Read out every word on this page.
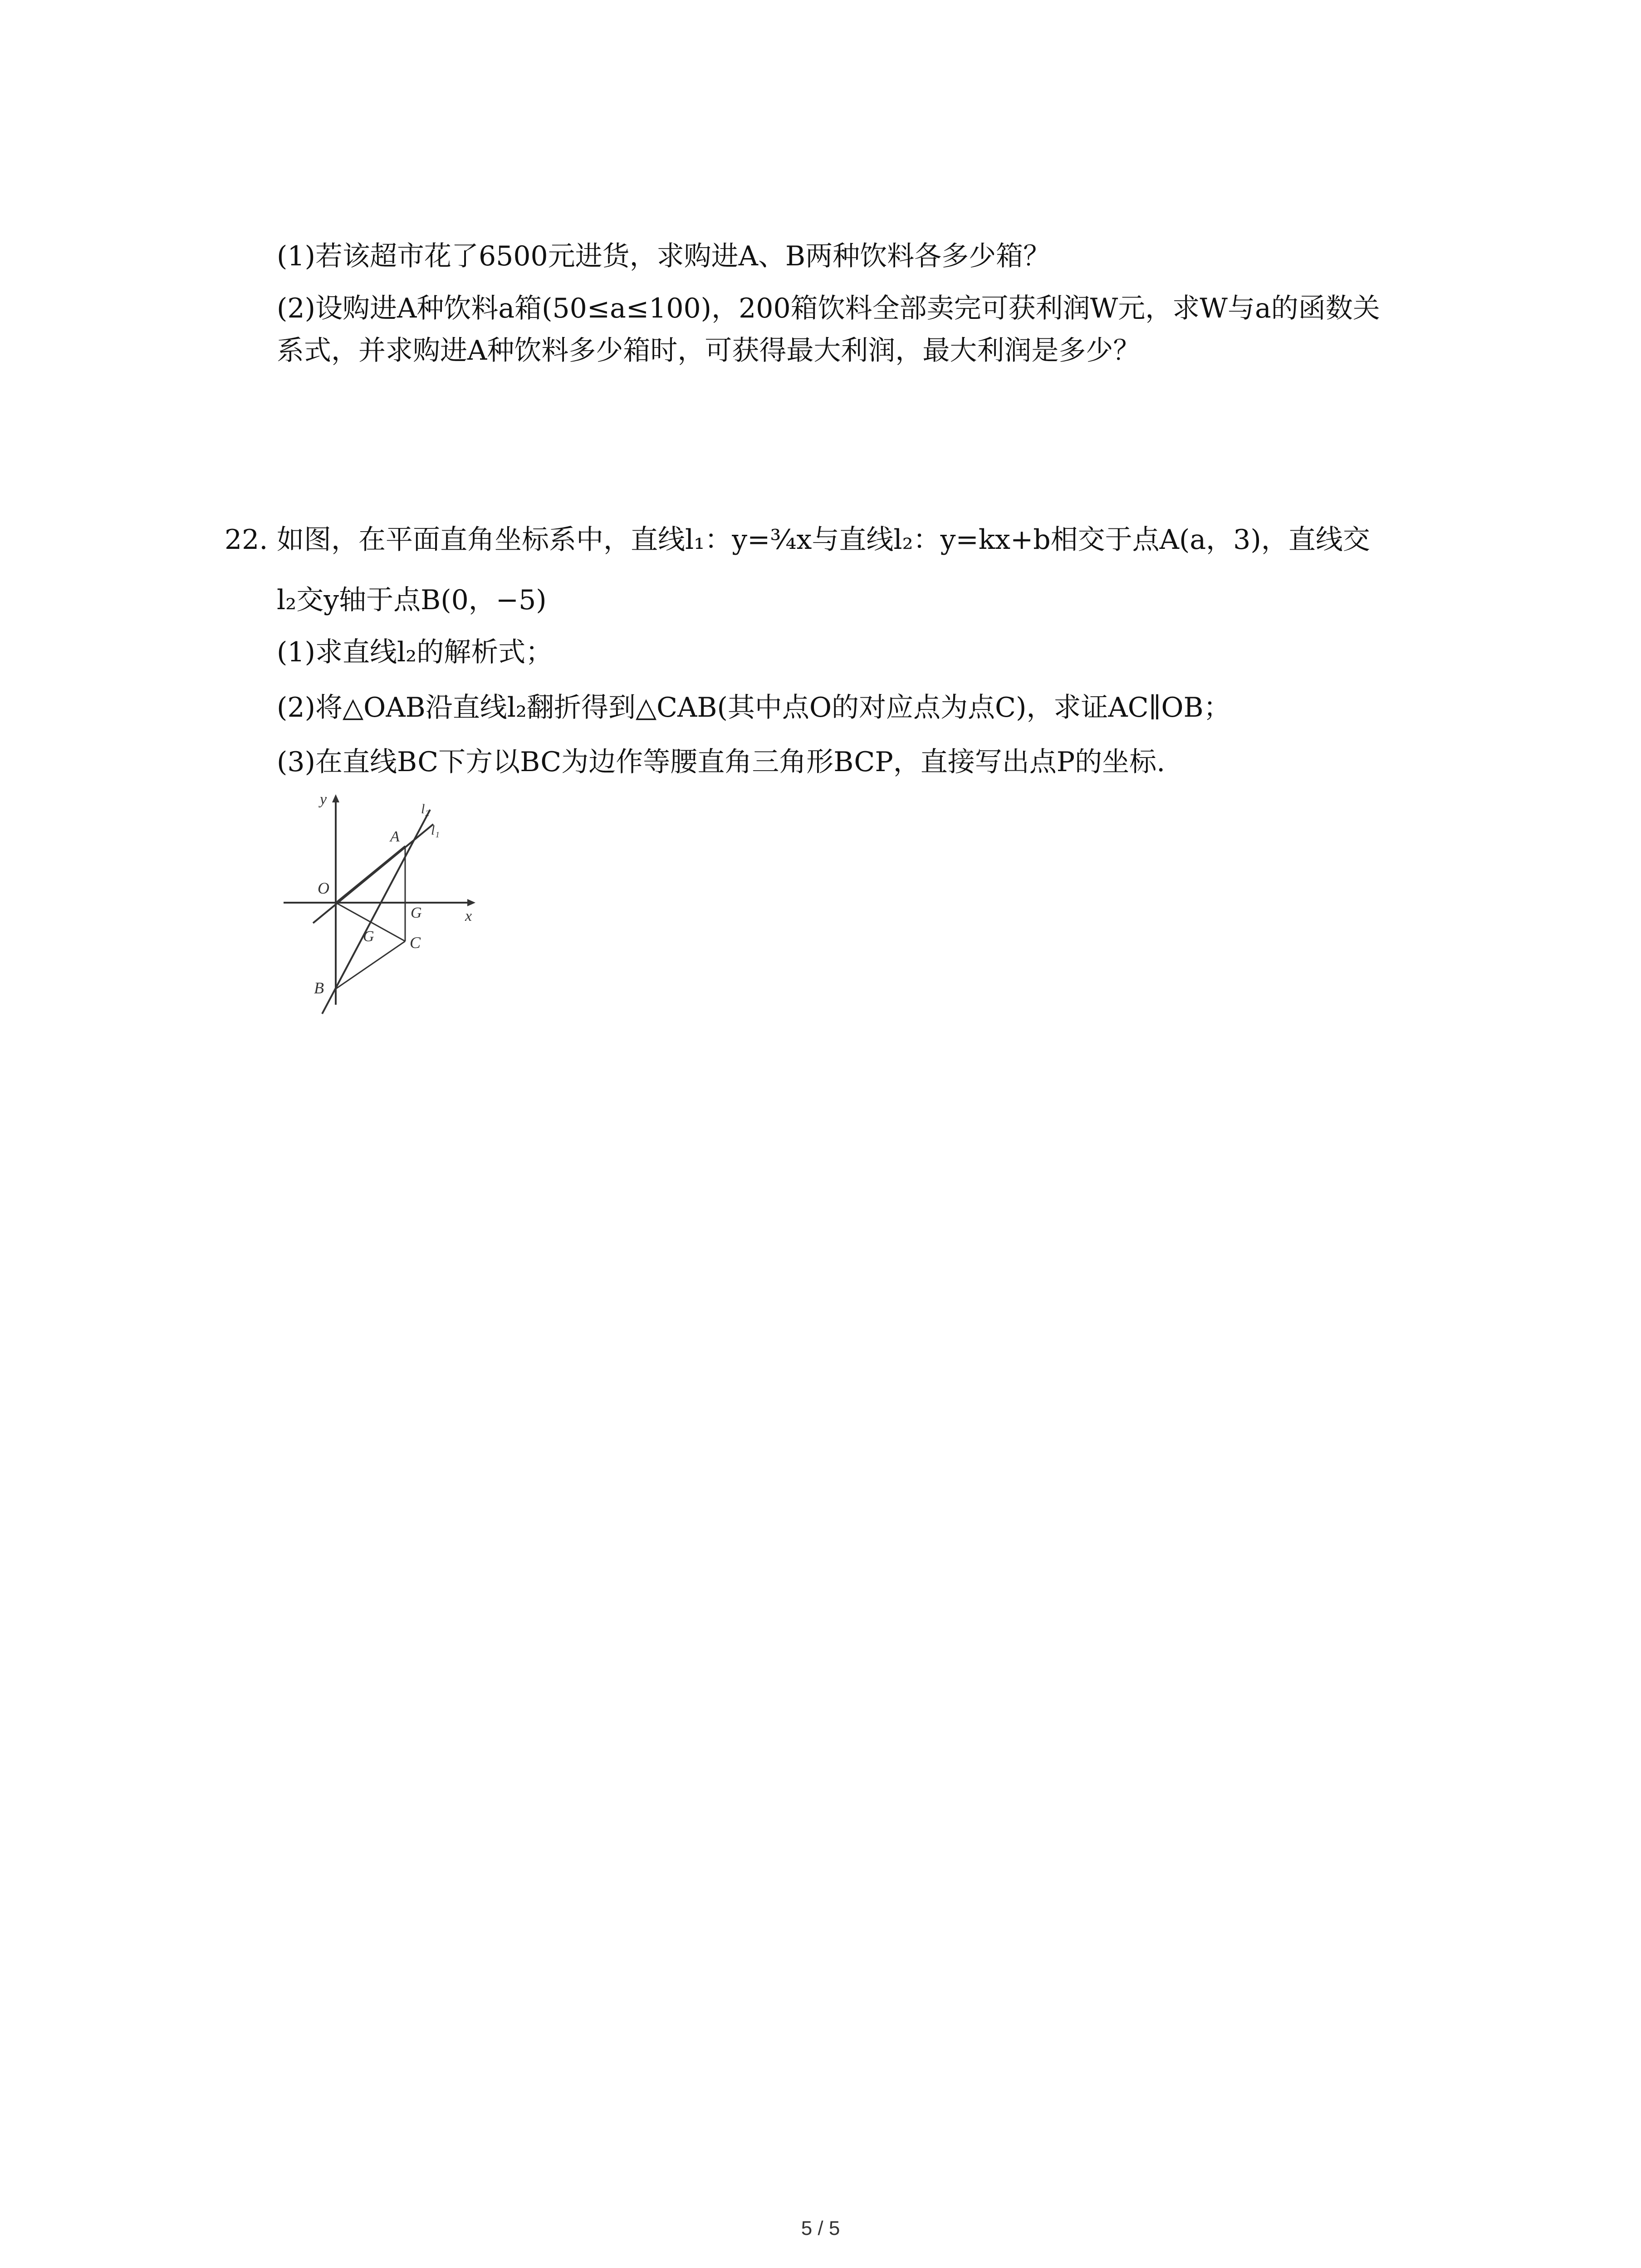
(1)若该超市花了6500元进货，求购进A、B两种饮料各多少箱？
(2)设购进A种饮料a箱(50≤a≤100)，200箱饮料全部卖完可获利润W元，求W与a的函数关
系式，并求购进A种饮料多少箱时，可获得最大利润，最大利润是多少？
22. 如图，在平面直角坐标系中，直线l₁：y=³⁄₄x与直线l₂：y=kx+b相交于点A(a，3)，直线交
l₂交y轴于点B(0，−5)
(1)求直线l₂的解析式；
(2)将△OAB沿直线l₂翻折得到△CAB(其中点O的对应点为点C)，求证AC∥OB；
(3)在直线BC下方以BC为边作等腰直角三角形BCP，直接写出点P的坐标.
y
x
O
A
B
C
G
G
l₁
l₂
5 / 5
